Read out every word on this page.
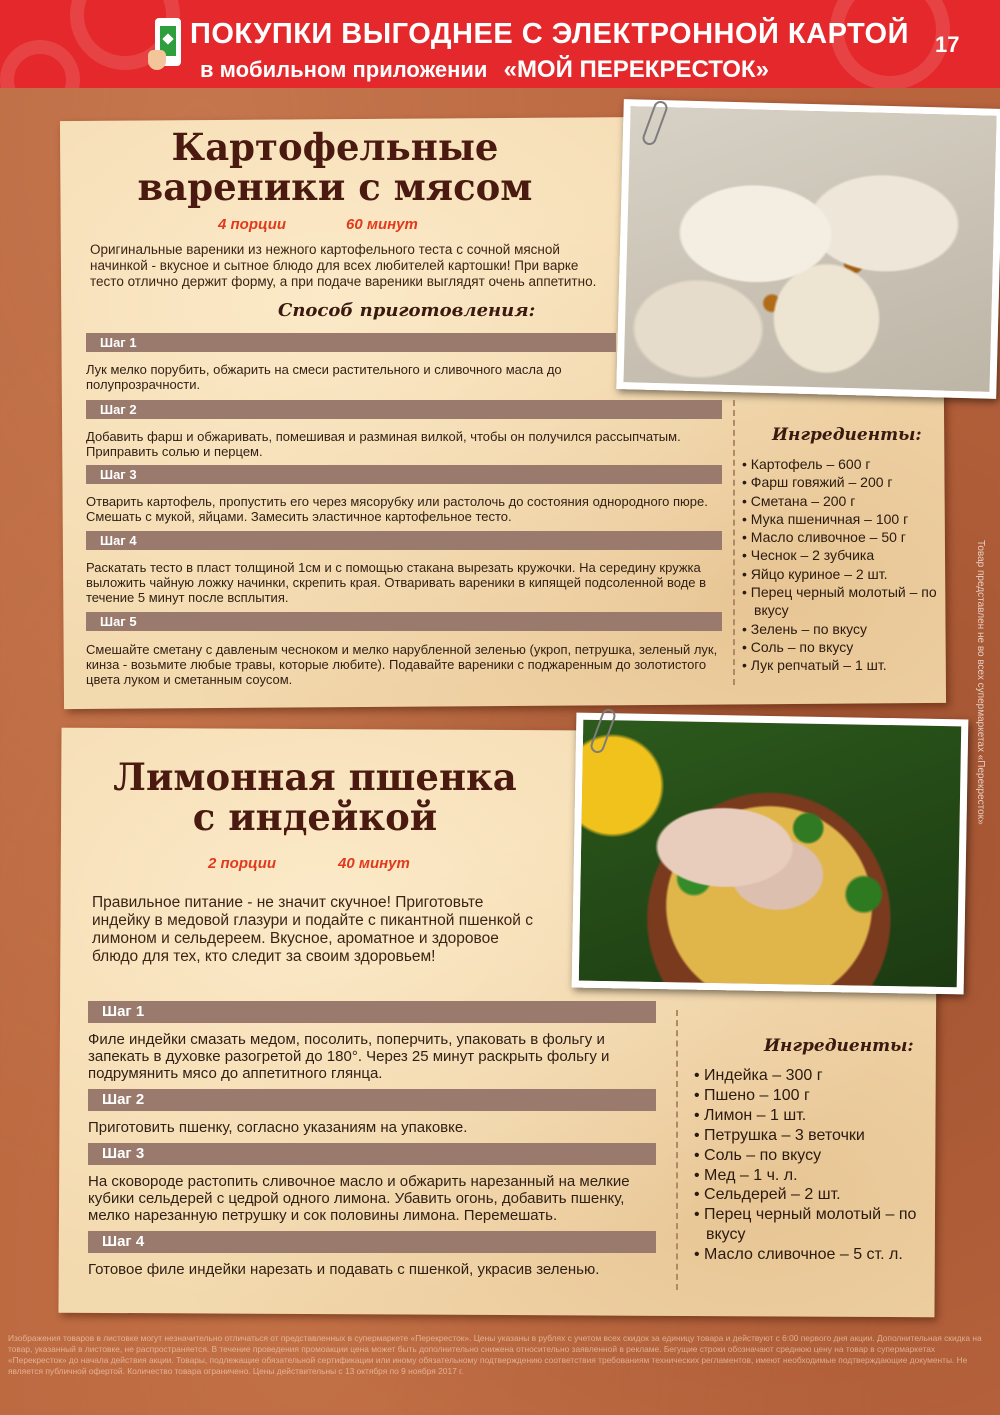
ПОКУПКИ ВЫГОДНЕЕ С ЭЛЕКТРОННОЙ КАРТОЙ
в мобильном приложении «МОЙ ПЕРЕКРЕСТОК»
17
Картофельные вареники с мясом
4 порции	60 минут
Оригинальные вареники из нежного картофельного теста с сочной мясной начинкой - вкусное и сытное блюдо для всех любителей картошки! При варке тесто отлично держит форму, а при подаче вареники выглядят очень аппетитно.
Способ приготовления:
Шаг 1
Лук мелко порубить, обжарить на смеси растительного и сливочного масла до полупрозрачности.
Шаг 2
Добавить фарш и обжаривать, помешивая и разминая вилкой, чтобы он получился рассыпчатым. Приправить солью и перцем.
Шаг 3
Отварить картофель, пропустить его через мясорубку или растолочь до состояния однородного пюре. Смешать с мукой, яйцами. Замесить эластичное картофельное тесто.
Шаг 4
Раскатать тесто в пласт толщиной 1см и с помощью стакана вырезать кружочки. На середину кружка выложить чайную ложку начинки, скрепить края. Отваривать вареники в кипящей подсоленной воде в течение 5 минут после всплытия.
Шаг 5
Смешайте сметану с давленым чесноком и мелко нарубленной зеленью (укроп, петрушка, зеленый лук, кинза - возьмите любые травы, которые любите). Подавайте вареники с поджаренным до золотистого цвета луком и сметанным соусом.
Ингредиенты:
• Картофель – 600 г
• Фарш говяжий – 200 г
• Сметана – 200 г
• Мука пшеничная – 100 г
• Масло сливочное – 50 г
• Чеснок – 2 зубчика
• Яйцо куриное – 2 шт.
• Перец черный молотый – по вкусу
• Зелень – по вкусу
• Соль – по вкусу
• Лук репчатый – 1 шт.
Лимонная пшенка с индейкой
2 порции	40 минут
Правильное питание - не значит скучное! Приготовьте индейку в медовой глазури и подайте с пикантной пшенкой с лимоном и сельдереем. Вкусное, ароматное и здоровое блюдо для тех, кто следит за своим здоровьем!
Шаг 1
Филе индейки смазать медом, посолить, поперчить, упаковать в фольгу и запекать в духовке разогретой до 180°. Через 25 минут раскрыть фольгу и подрумянить мясо до аппетитного глянца.
Шаг 2
Приготовить пшенку, согласно указаниям на упаковке.
Шаг 3
На сковороде растопить сливочное масло и обжарить нарезанный на мелкие кубики сельдерей с цедрой одного лимона. Убавить огонь, добавить пшенку, мелко нарезанную петрушку и сок половины лимона. Перемешать.
Шаг 4
Готовое филе индейки нарезать и подавать с пшенкой, украсив зеленью.
Ингредиенты:
• Индейка – 300 г
• Пшено – 100 г
• Лимон – 1 шт.
• Петрушка – 3 веточки
• Соль – по вкусу
• Мед – 1 ч. л.
• Сельдерей – 2 шт.
• Перец черный молотый – по вкусу
• Масло сливочное – 5 ст. л.
Товар представлен не во всех супермаркетах «Перекресток»
Изображения товаров в листовке могут незначительно отличаться от представленных в супермаркете «Перекресток». Цены указаны в рублях с учетом всех скидок за единицу товара и действуют с 6:00 первого дня акции. Дополнительная скидка на товар, указанный в листовке, не распространяется. В течение проведения промоакции цена может быть дополнительно снижена относительно заявленной в рекламе. Бегущие строки обозначают среднюю цену на товар в супермаркетах «Перекресток» до начала действия акции. Товары, подлежащие обязательной сертификации или иному обязательному подтверждению соответствия требованиям технических регламентов, имеют необходимые подтверждающие документы. Не является публичной офертой. Количество товара ограничено. Цены действительны с 13 октября по 9 ноября 2017 г.
